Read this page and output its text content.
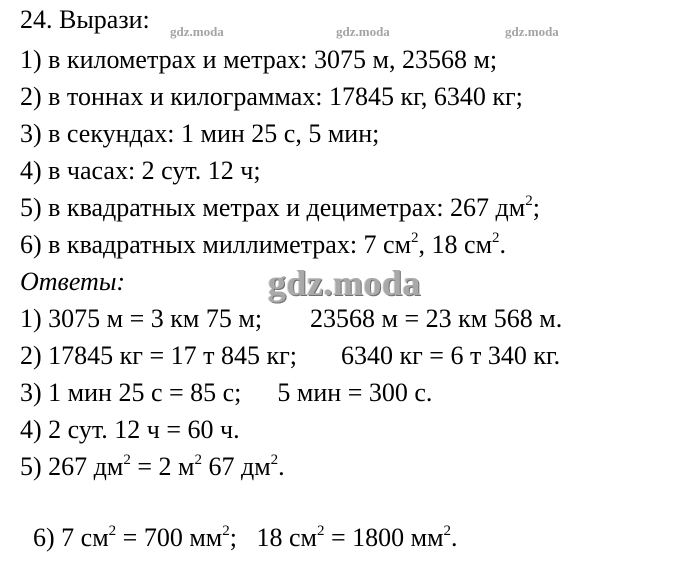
gdz.moda	gdz.moda	gdz.moda
gdz.moda
24. Вырази:
1) в километрах и метрах: 3075 м, 23568 м;
2) в тоннах и килограммах: 17845 кг, 6340 кг;
3) в секундах: 1 мин 25 с, 5 мин;
4) в часах: 2 сут. 12 ч;
5) в квадратных метрах и дециметрах: 267 $дм^2$;
6) в квадратных миллиметрах: 7 $см^2$, 18 $см^2$.
Ответы:
1) 3075 м = 3 км 75 м; 23568 м = 23 км 568 м.
2) 17845 кг = 17 т 845 кг; 6340 кг = 6 т 340 кг.
3) 1 мин 25 с = 85 с; 5 мин = 300 с.
4) 2 сут. 12 ч = 60 ч.
5) 267 $дм^2 = 2$ $м^2$ 67 $дм^2$.

6) 7 $см^2 = 700$ $мм^2$;   18 $см^2 = 1800$ $мм^2$.
